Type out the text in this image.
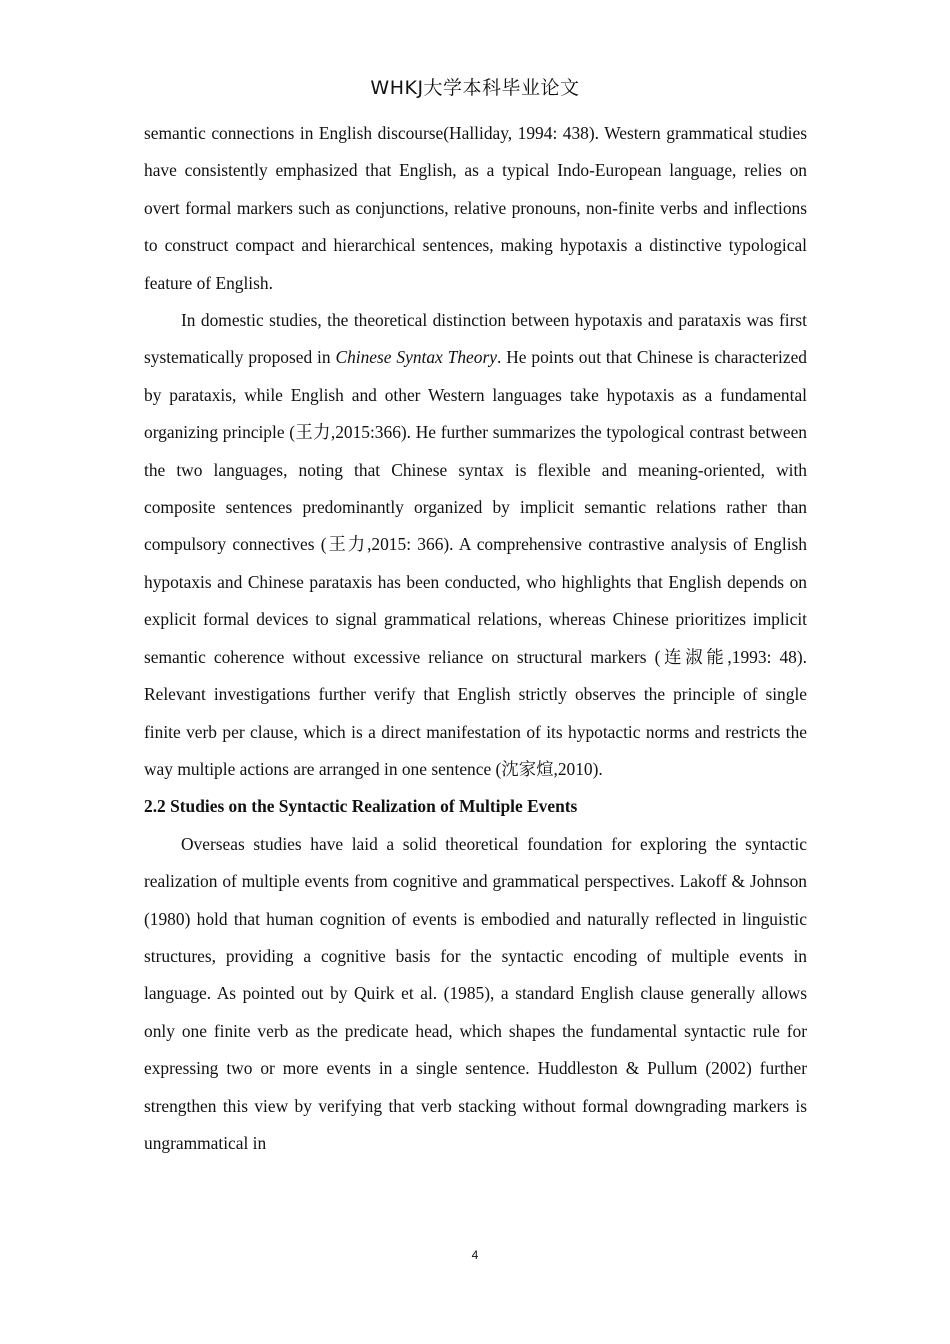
WHKJ大学本科毕业论文

semantic connections in English discourse(Halliday, 1994: 438). Western grammatical studies have consistently emphasized that English, as a typical Indo-European language, relies on overt formal markers such as conjunctions, relative pronouns, non-finite verbs and inflections to construct compact and hierarchical sentences, making hypotaxis a distinctive typological feature of English.

In domestic studies, the theoretical distinction between hypotaxis and parataxis was first systematically proposed in Chinese Syntax Theory. He points out that Chinese is characterized by parataxis, while English and other Western languages take hypotaxis as a fundamental organizing principle (王力,2015:366). He further summarizes the typological contrast between the two languages, noting that Chinese syntax is flexible and meaning-oriented, with composite sentences predominantly organized by implicit semantic relations rather than compulsory connectives (王力,2015: 366). A comprehensive contrastive analysis of English hypotaxis and Chinese parataxis has been conducted, who highlights that English depends on explicit formal devices to signal grammatical relations, whereas Chinese prioritizes implicit semantic coherence without excessive reliance on structural markers (连淑能,1993: 48). Relevant investigations further verify that English strictly observes the principle of single finite verb per clause, which is a direct manifestation of its hypotactic norms and restricts the way multiple actions are arranged in one sentence (沈家煊,2010).

2.2 Studies on the Syntactic Realization of Multiple Events

Overseas studies have laid a solid theoretical foundation for exploring the syntactic realization of multiple events from cognitive and grammatical perspectives. Lakoff & Johnson (1980) hold that human cognition of events is embodied and naturally reflected in linguistic structures, providing a cognitive basis for the syntactic encoding of multiple events in language. As pointed out by Quirk et al. (1985), a standard English clause generally allows only one finite verb as the predicate head, which shapes the fundamental syntactic rule for expressing two or more events in a single sentence. Huddleston & Pullum (2002) further strengthen this view by verifying that verb stacking without formal downgrading markers is ungrammatical in

4
